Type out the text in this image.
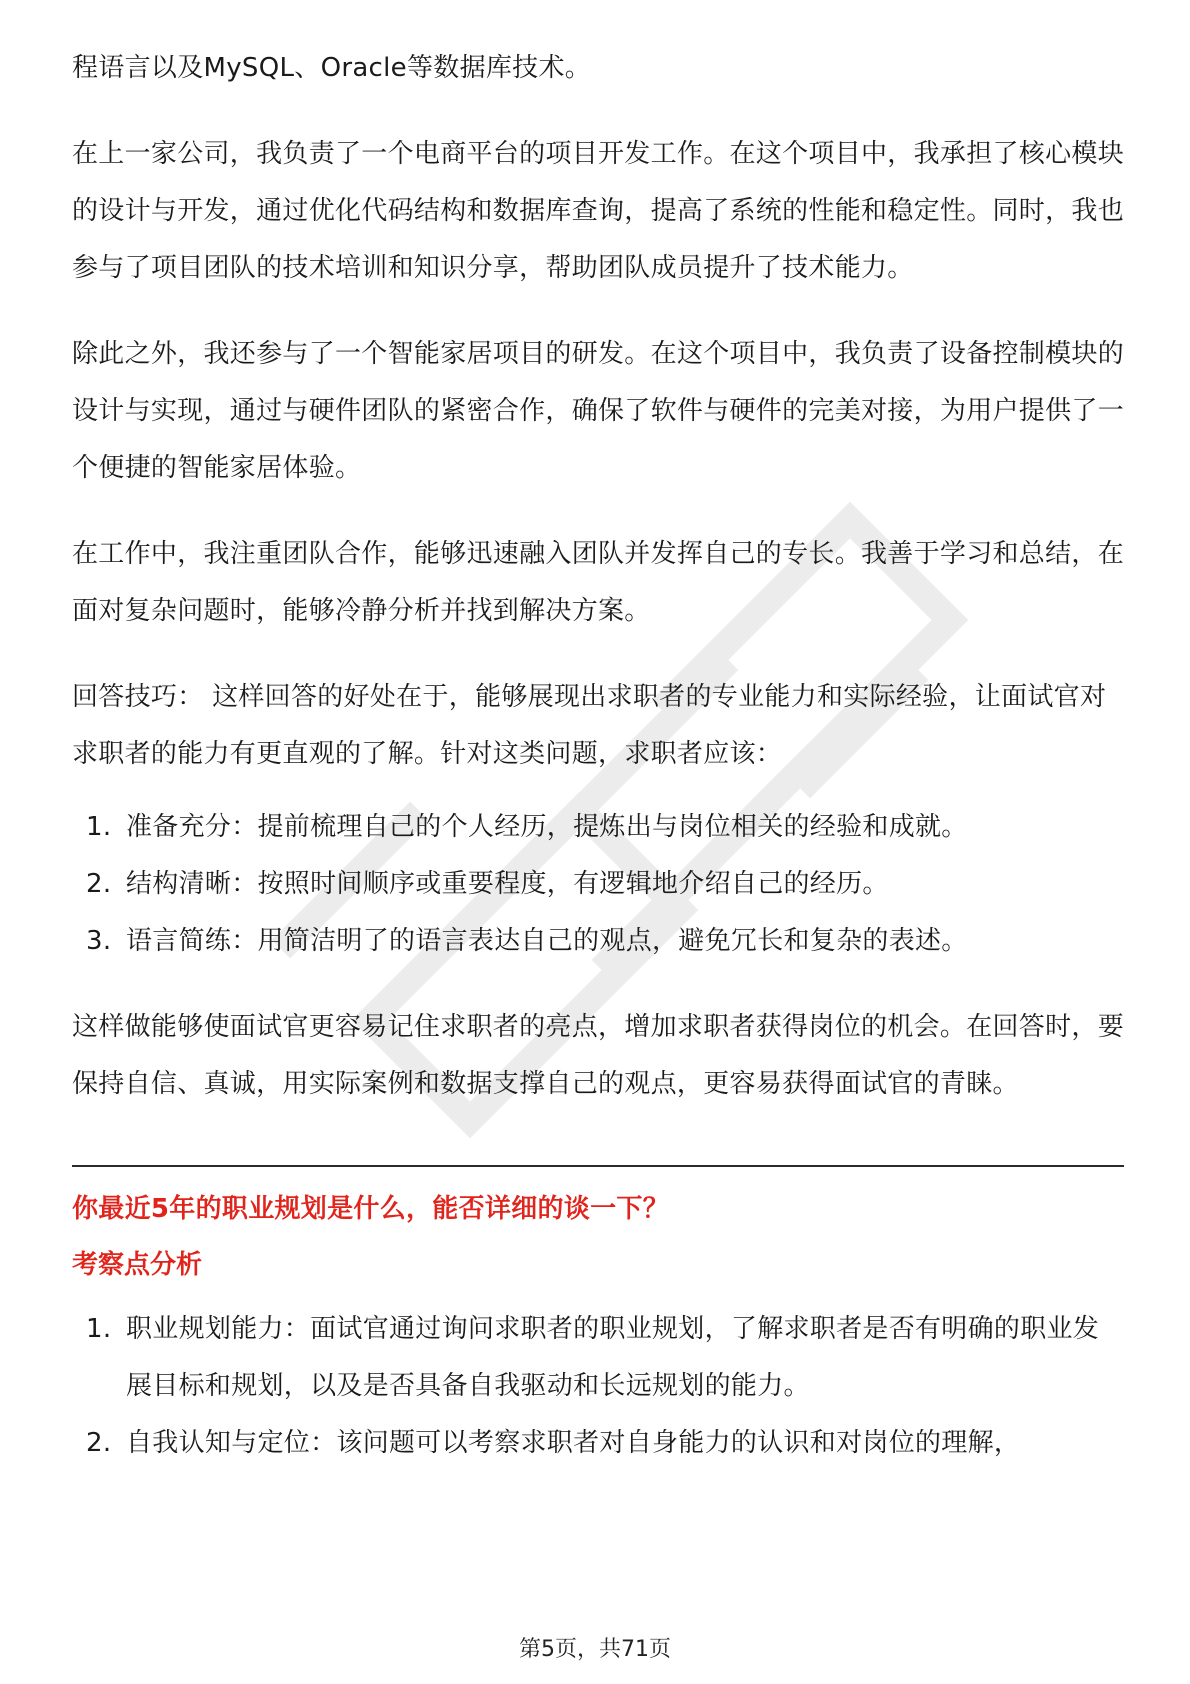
程语言以及MySQL、Oracle等数据库技术。

在上一家公司，我负责了一个电商平台的项目开发工作。在这个项目中，我承担了核心模块的设计与开发，通过优化代码结构和数据库查询，提高了系统的性能和稳定性。同时，我也参与了项目团队的技术培训和知识分享，帮助团队成员提升了技术能力。

除此之外，我还参与了一个智能家居项目的研发。在这个项目中，我负责了设备控制模块的设计与实现，通过与硬件团队的紧密合作，确保了软件与硬件的完美对接，为用户提供了一个便捷的智能家居体验。

在工作中，我注重团队合作，能够迅速融入团队并发挥自己的专长。我善于学习和总结，在面对复杂问题时，能够冷静分析并找到解决方案。

回答技巧： 这样回答的好处在于，能够展现出求职者的专业能力和实际经验，让面试官对求职者的能力有更直观的了解。针对这类问题，求职者应该：

1. 准备充分：提前梳理自己的个人经历，提炼出与岗位相关的经验和成就。
2. 结构清晰：按照时间顺序或重要程度，有逻辑地介绍自己的经历。
3. 语言简练：用简洁明了的语言表达自己的观点，避免冗长和复杂的表述。

这样做能够使面试官更容易记住求职者的亮点，增加求职者获得岗位的机会。在回答时，要保持自信、真诚，用实际案例和数据支撑自己的观点，更容易获得面试官的青睐。

你最近5年的职业规划是什么，能否详细的谈一下？

考察点分析

1. 职业规划能力：面试官通过询问求职者的职业规划，了解求职者是否有明确的职业发展目标和规划，以及是否具备自我驱动和长远规划的能力。
2. 自我认知与定位：该问题可以考察求职者对自身能力的认识和对岗位的理解，
第5页，共71页
